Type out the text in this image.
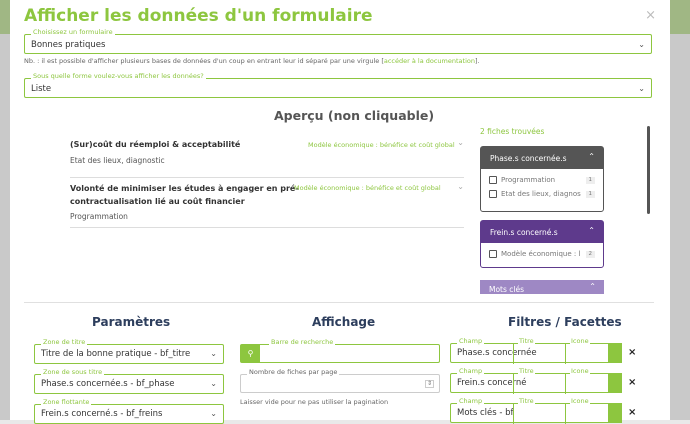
×
Afficher les données d'un formulaire
Choisissez un formulaire
Bonnes pratiques	⌄
Nb. : il est possible d'afficher plusieurs bases de données d'un coup en entrant leur id séparé par une virgule [accéder à la documentation].
Sous quelle forme voulez-vous afficher les données?
Liste	⌄
Aperçu (non cliquable)
(Sur)coût du réemploi & acceptabilité
Etat des lieux, diagnostic
Modèle économique : bénéfice et coût global ⌄
Volonté de minimiser les études à engager en pré-
contractualisation lié au coût financier
Programmation
Modèle économique : bénéfice et coût global ⌄
2 fiches trouvées
Phase.s concernée.s	⌃
Programmation	1
Etat des lieux, diagnos	1
Frein.s concerné.s	⌃
Modèle économique : l	2
Mots clés	⌃
Paramètres
Zone de titre
Titre de la bonne pratique - bf_titre	⌄
Zone de sous titre
Phase.s concernée.s - bf_phase	⌄
Zone flottante
Frein.s concerné.s - bf_freins	⌄
Affichage
⚲
Barre de recherche
Nombre de fiches par page
⇕
Laisser vide pour ne pas utiliser la pagination
Filtres / Facettes
Champ
Phase.s concernée
Titre	Icone
×
Champ
Frein.s concerné
Titre	Icone
×
Champ
Mots clés - bf
Titre	Icone
×
